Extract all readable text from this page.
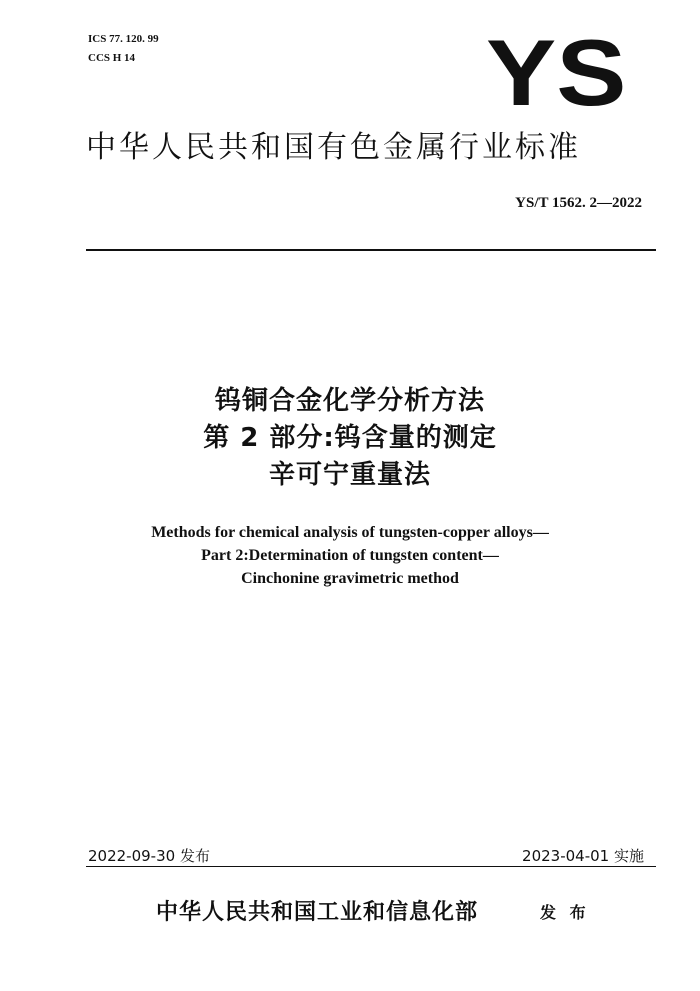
ICS 77. 120. 99
CCS H 14	YS
中华人民共和国有色金属行业标准
YS/T 1562. 2—2022
钨铜合金化学分析方法
第 2 部分:钨含量的测定
辛可宁重量法
Methods for chemical analysis of tungsten-copper alloys—
Part 2:Determination of tungsten content—
Cinchonine gravimetric method
2022-09-30 发布	2023-04-01 实施
中华人民共和国工业和信息化部	发 布
